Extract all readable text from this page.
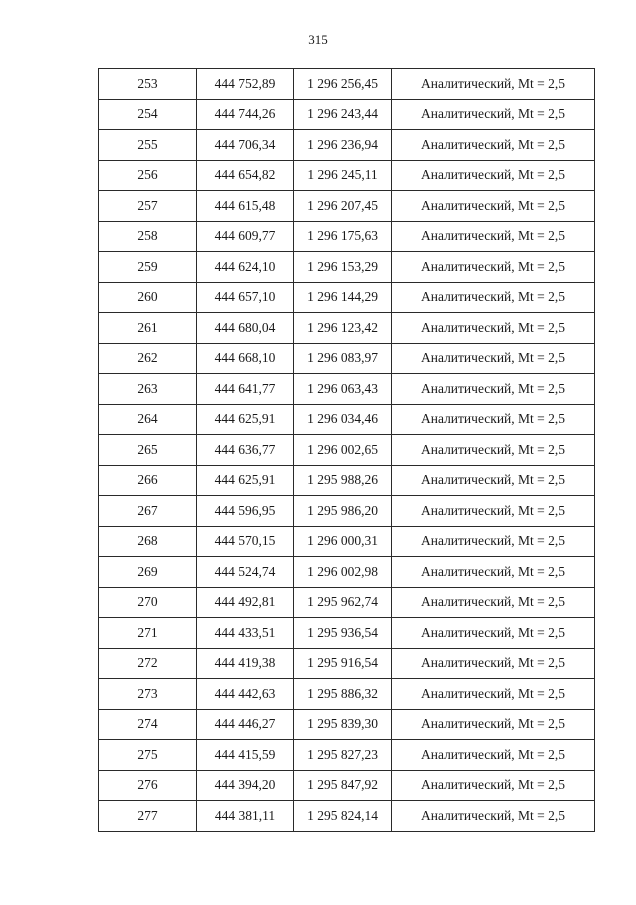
315
253	444 752,89	1 296 256,45	Аналитический, Mt = 2,5
254	444 744,26	1 296 243,44	Аналитический, Mt = 2,5
255	444 706,34	1 296 236,94	Аналитический, Mt = 2,5
256	444 654,82	1 296 245,11	Аналитический, Mt = 2,5
257	444 615,48	1 296 207,45	Аналитический, Mt = 2,5
258	444 609,77	1 296 175,63	Аналитический, Mt = 2,5
259	444 624,10	1 296 153,29	Аналитический, Mt = 2,5
260	444 657,10	1 296 144,29	Аналитический, Mt = 2,5
261	444 680,04	1 296 123,42	Аналитический, Mt = 2,5
262	444 668,10	1 296 083,97	Аналитический, Mt = 2,5
263	444 641,77	1 296 063,43	Аналитический, Mt = 2,5
264	444 625,91	1 296 034,46	Аналитический, Mt = 2,5
265	444 636,77	1 296 002,65	Аналитический, Mt = 2,5
266	444 625,91	1 295 988,26	Аналитический, Mt = 2,5
267	444 596,95	1 295 986,20	Аналитический, Mt = 2,5
268	444 570,15	1 296 000,31	Аналитический, Mt = 2,5
269	444 524,74	1 296 002,98	Аналитический, Mt = 2,5
270	444 492,81	1 295 962,74	Аналитический, Mt = 2,5
271	444 433,51	1 295 936,54	Аналитический, Mt = 2,5
272	444 419,38	1 295 916,54	Аналитический, Mt = 2,5
273	444 442,63	1 295 886,32	Аналитический, Mt = 2,5
274	444 446,27	1 295 839,30	Аналитический, Mt = 2,5
275	444 415,59	1 295 827,23	Аналитический, Mt = 2,5
276	444 394,20	1 295 847,92	Аналитический, Mt = 2,5
277	444 381,11	1 295 824,14	Аналитический, Mt = 2,5
